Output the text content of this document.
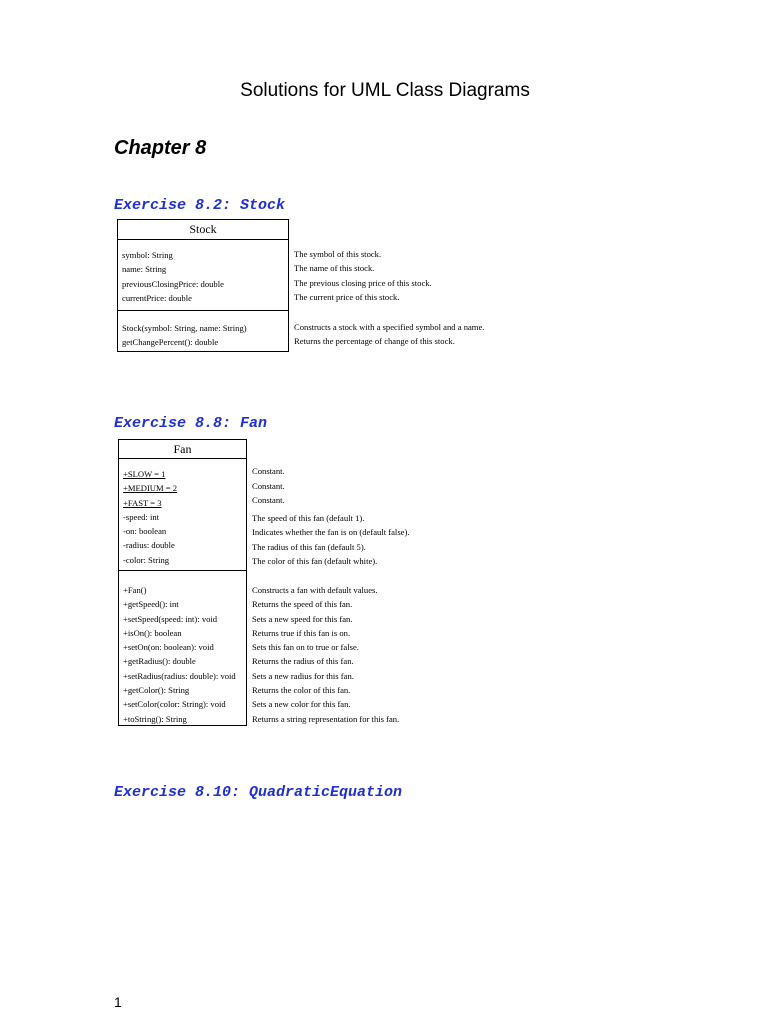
Solutions for UML Class Diagrams
Chapter 8
Exercise 8.2: Stock
Stock
symbol: String
name: String
previousClosingPrice: double
currentPrice: double
Stock(symbol: String, name: String)
getChangePercent(): double
The symbol of this stock.
The name of this stock.
The previous closing price of this stock.
The current price of this stock.
Constructs a stock with a specified symbol and a name.
Returns the percentage of change of this stock.
Exercise 8.8: Fan
Fan
+SLOW = 1
+MEDIUM = 2
+FAST = 3
-speed: int
-on: boolean
-radius: double
-color: String
+Fan()
+getSpeed(): int
+setSpeed(speed: int): void
+isOn(): boolean
+setOn(on: boolean): void
+getRadius(): double
+setRadius(radius: double): void
+getColor(): String
+setColor(color: String): void
+toString(): String
Constant.
Constant.
Constant.
The speed of this fan (default 1).
Indicates whether the fan is on (default false).
The radius of this fan (default 5).
The color of this fan (default white).
Constructs a fan with default values.
Returns the speed of this fan.
Sets a new speed for this fan.
Returns true if this fan is on.
Sets this fan on to true or false.
Returns the radius of this fan.
Sets a new radius for this fan.
Returns the color of this fan.
Sets a new color for this fan.
Returns a string representation for this fan.
Exercise 8.10: QuadraticEquation
1
